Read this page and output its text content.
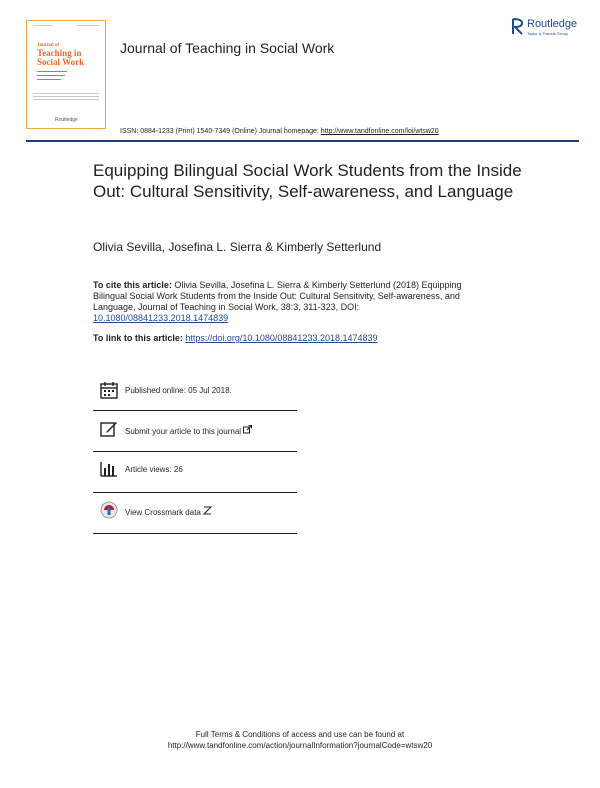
Journal of
Teaching in
Social Work
Routledge
Journal of Teaching in Social Work
Routledge
Taylor & Francis Group
ISSN: 0884-1233 (Print) 1540-7349 (Online) Journal homepage: http://www.tandfonline.com/loi/wtsw20
Equipping Bilingual Social Work Students from the Inside Out: Cultural Sensitivity, Self-awareness, and Language
Olivia Sevilla, Josefina L. Sierra & Kimberly Setterlund
To cite this article: Olivia Sevilla, Josefina L. Sierra & Kimberly Setterlund (2018) Equipping Bilingual Social Work Students from the Inside Out: Cultural Sensitivity, Self-awareness, and Language, Journal of Teaching in Social Work, 38:3, 311-323, DOI: 10.1080/08841233.2018.1474839
To link to this article: https://doi.org/10.1080/08841233.2018.1474839
Published online: 05 Jul 2018.
Submit your article to this journal
Article views: 26
View Crossmark data
Full Terms & Conditions of access and use can be found at
http://www.tandfonline.com/action/journalInformation?journalCode=wtsw20
